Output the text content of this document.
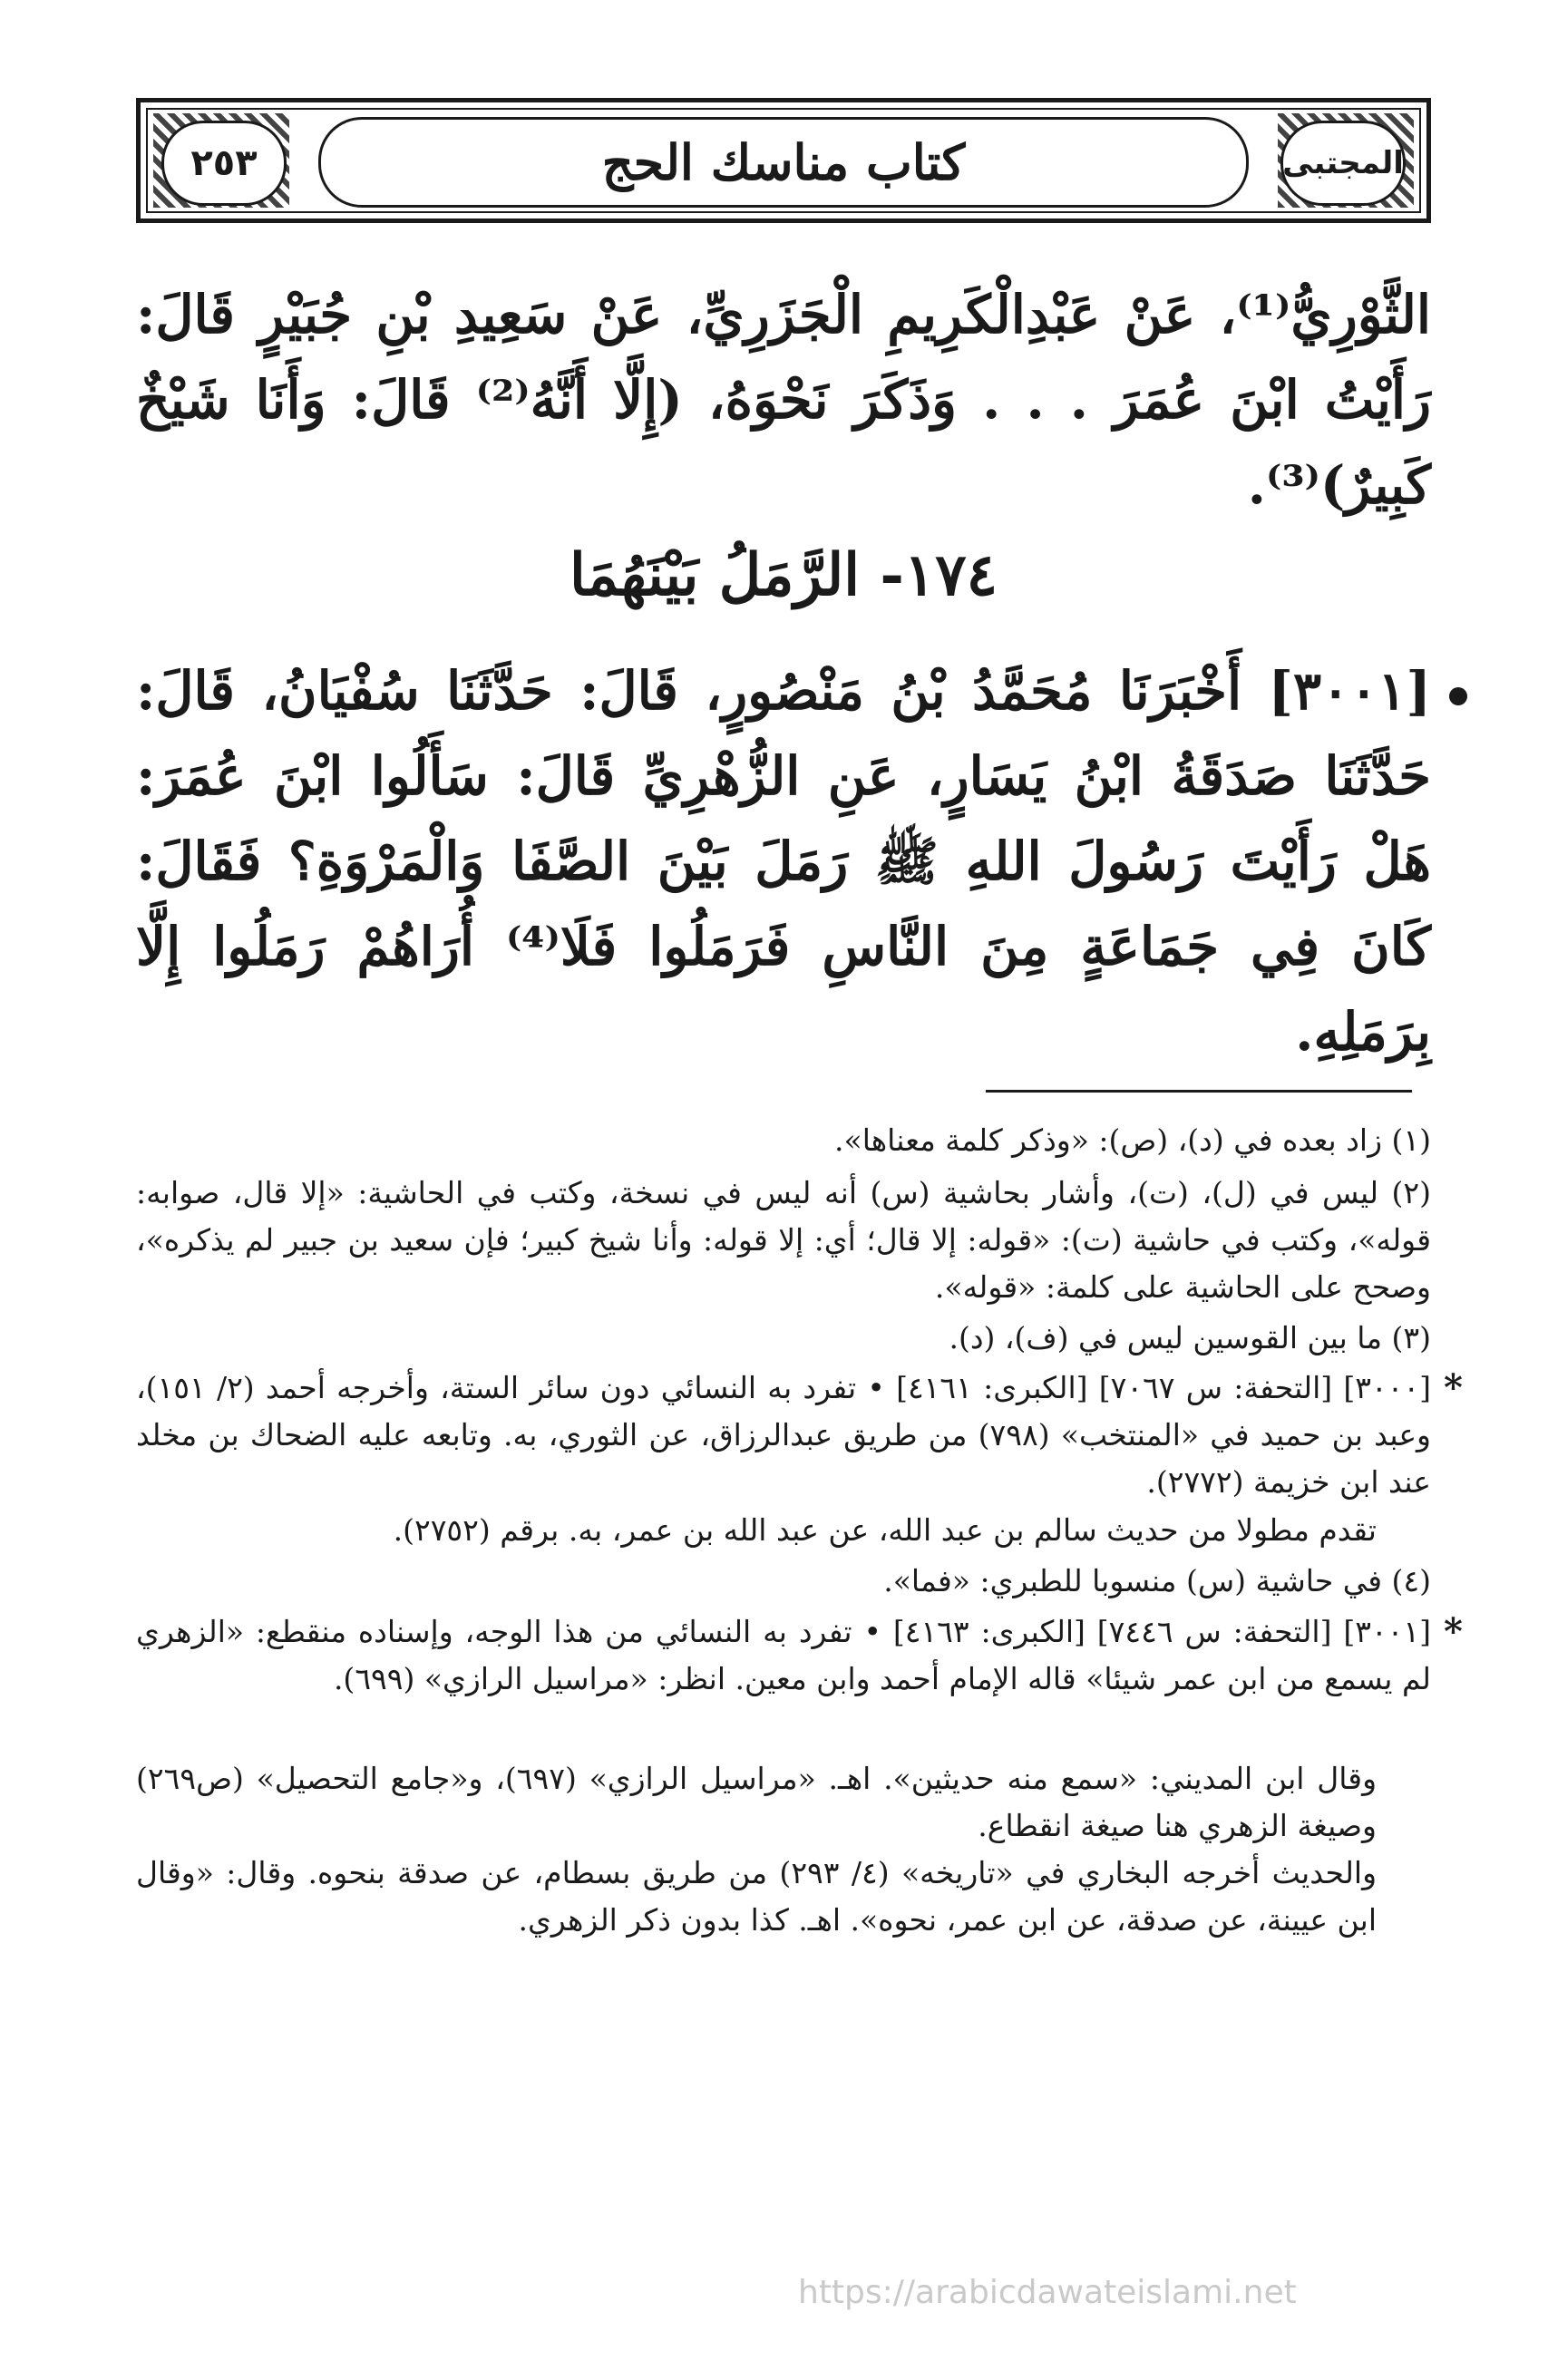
٢٥٣	المجتبى
كتاب مناسك الحج
الثَّوْرِيُّ⁽¹⁾، عَنْ عَبْدِالْكَرِيمِ الْجَزَرِيِّ، عَنْ سَعِيدِ بْنِ جُبَيْرٍ قَالَ: رَأَيْتُ ابْنَ عُمَرَ . . . وَذَكَرَ نَحْوَهُ، (إِلَّا أَنَّهُ⁽²⁾ قَالَ: وَأَنَا شَيْخٌ كَبِيرٌ)⁽³⁾.
١٧٤- الرَّمَلُ بَيْنَهُمَا
[٣٠٠١] أَخْبَرَنَا مُحَمَّدُ بْنُ مَنْصُورٍ، قَالَ: حَدَّثَنَا سُفْيَانُ، قَالَ: حَدَّثَنَا صَدَقَةُ ابْنُ يَسَارٍ، عَنِ الزُّهْرِيِّ قَالَ: سَأَلُوا ابْنَ عُمَرَ: هَلْ رَأَيْتَ رَسُولَ اللهِ ﷺ رَمَلَ بَيْنَ الصَّفَا وَالْمَرْوَةِ؟ فَقَالَ: كَانَ فِي جَمَاعَةٍ مِنَ النَّاسِ فَرَمَلُوا فَلَا⁽⁴⁾ أُرَاهُمْ رَمَلُوا إِلَّا بِرَمَلِهِ.
(١) زاد بعده في (د)، (ص): «وذكر كلمة معناها».
(٢) ليس في (ل)، (ت)، وأشار بحاشية (س) أنه ليس في نسخة، وكتب في الحاشية: «إلا قال، صوابه: قوله»، وكتب في حاشية (ت): «قوله: إلا قال؛ أي: إلا قوله: وأنا شيخ كبير؛ فإن سعيد بن جبير لم يذكره»، وصحح على الحاشية على كلمة: «قوله».
(٣) ما بين القوسين ليس في (ف)، (د).
*
[٣٠٠٠] [التحفة: س ٧٠٦٧] [الكبرى: ٤١٦١] • تفرد به النسائي دون سائر الستة، وأخرجه أحمد (٢/ ١٥١)، وعبد بن حميد في «المنتخب» (٧٩٨) من طريق عبدالرزاق، عن الثوري، به. وتابعه عليه الضحاك بن مخلد عند ابن خزيمة (٢٧٧٢).
تقدم مطولا من حديث سالم بن عبد الله، عن عبد الله بن عمر، به. برقم (٢٧٥٢).
(٤) في حاشية (س) منسوبا للطبري: «فما».
*
[٣٠٠١] [التحفة: س ٧٤٤٦] [الكبرى: ٤١٦٣] • تفرد به النسائي من هذا الوجه، وإسناده منقطع: «الزهري لم يسمع من ابن عمر شيئا» قاله الإمام أحمد وابن معين. انظر: «مراسيل الرازي» (٦٩٩).
وقال ابن المديني: «سمع منه حديثين». اهـ. «مراسيل الرازي» (٦٩٧)، و«جامع التحصيل» (ص٢٦٩) وصيغة الزهري هنا صيغة انقطاع.
والحديث أخرجه البخاري في «تاريخه» (٤/ ٢٩٣) من طريق بسطام، عن صدقة بنحوه. وقال: «وقال ابن عيينة، عن صدقة، عن ابن عمر، نحوه». اهـ. كذا بدون ذكر الزهري.
https://arabicdawateislami.net
